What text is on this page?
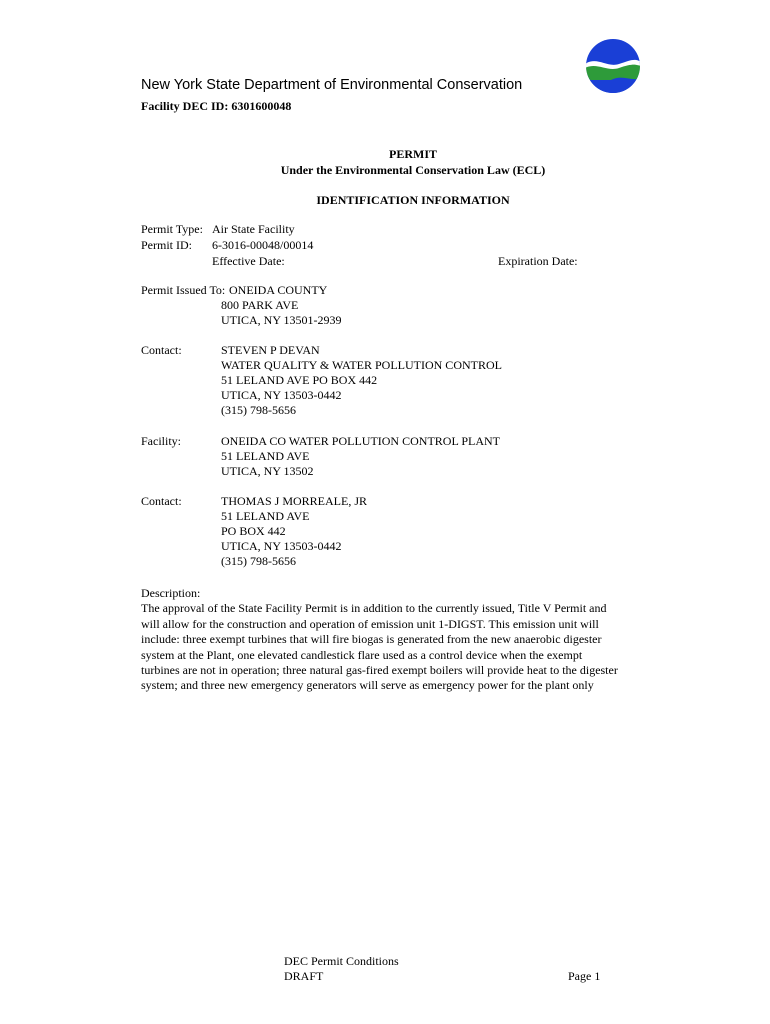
New York State Department of Environmental Conservation
Facility DEC ID: 6301600048
PERMIT
Under the Environmental Conservation Law (ECL)
IDENTIFICATION INFORMATION
Permit Type: Air State Facility
Permit ID: 6-3016-00048/00014
Effective Date:	Expiration Date:
Permit Issued To: ONEIDA COUNTY
800 PARK AVE
UTICA, NY 13501-2939
Contact:	STEVEN P DEVAN
WATER QUALITY & WATER POLLUTION CONTROL
51 LELAND AVE PO BOX 442
UTICA, NY 13503-0442
(315) 798-5656
Facility:	ONEIDA CO WATER POLLUTION CONTROL PLANT
51 LELAND AVE
UTICA, NY 13502
Contact:	THOMAS J MORREALE, JR
51 LELAND AVE
PO BOX 442
UTICA, NY 13503-0442
(315) 798-5656
Description:
The approval of the State Facility Permit is in addition to the currently issued, Title V Permit and will allow for the construction and operation of emission unit 1-DIGST. This emission unit will include: three exempt turbines that will fire biogas is generated from the new anaerobic digester system at the Plant, one elevated candlestick flare used as a control device when the exempt turbines are not in operation; three natural gas-fired exempt boilers will provide heat to the digester system; and three new emergency generators will serve as emergency power for the plant only
DEC Permit Conditions
DRAFT	Page 1
